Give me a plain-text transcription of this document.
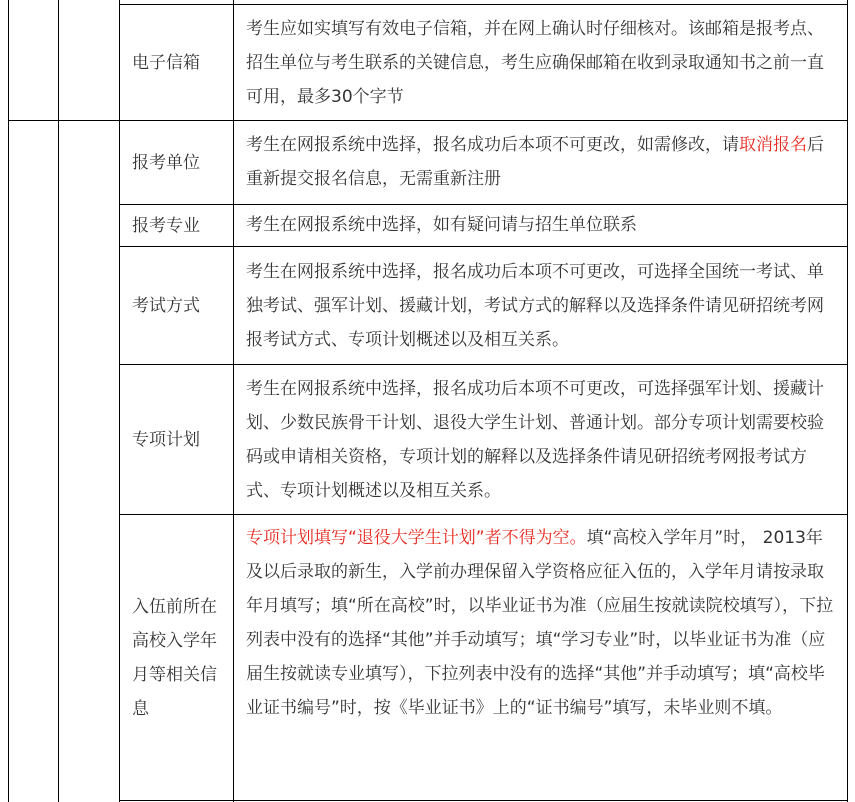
电子信箱
考生应如实填写有效电子信箱，并在网上确认时仔细核对。该邮箱是报考点、招生单位与考生联系的关键信息，考生应确保邮箱在收到录取通知书之前一直可用，最多30个字节
报考单位
考生在网报系统中选择，报名成功后本项不可更改，如需修改，请取消报名后重新提交报名信息，无需重新注册
报考专业	考生在网报系统中选择，如有疑问请与招生单位联系
考试方式
考生在网报系统中选择，报名成功后本项不可更改，可选择全国统一考试、单独考试、强军计划、援藏计划，考试方式的解释以及选择条件请见研招统考网报考试方式、专项计划概述以及相互关系。
专项计划
考生在网报系统中选择，报名成功后本项不可更改，可选择强军计划、援藏计划、少数民族骨干计划、退役大学生计划、普通计划。部分专项计划需要校验码或申请相关资格，专项计划的解释以及选择条件请见研招统考网报考试方式、专项计划概述以及相互关系。
入伍前所在高校入学年月等相关信息
专项计划填写“退役大学生计划”者不得为空。填“高校入学年月”时， 2013年及以后录取的新生，入学前办理保留入学资格应征入伍的，入学年月请按录取年月填写；填“所在高校”时，以毕业证书为准（应届生按就读院校填写），下拉列表中没有的选择“其他”并手动填写；填“学习专业”时，以毕业证书为准（应届生按就读专业填写），下拉列表中没有的选择“其他”并手动填写；填“高校毕业证书编号”时，按《毕业证书》上的“证书编号”填写，未毕业则不填。
